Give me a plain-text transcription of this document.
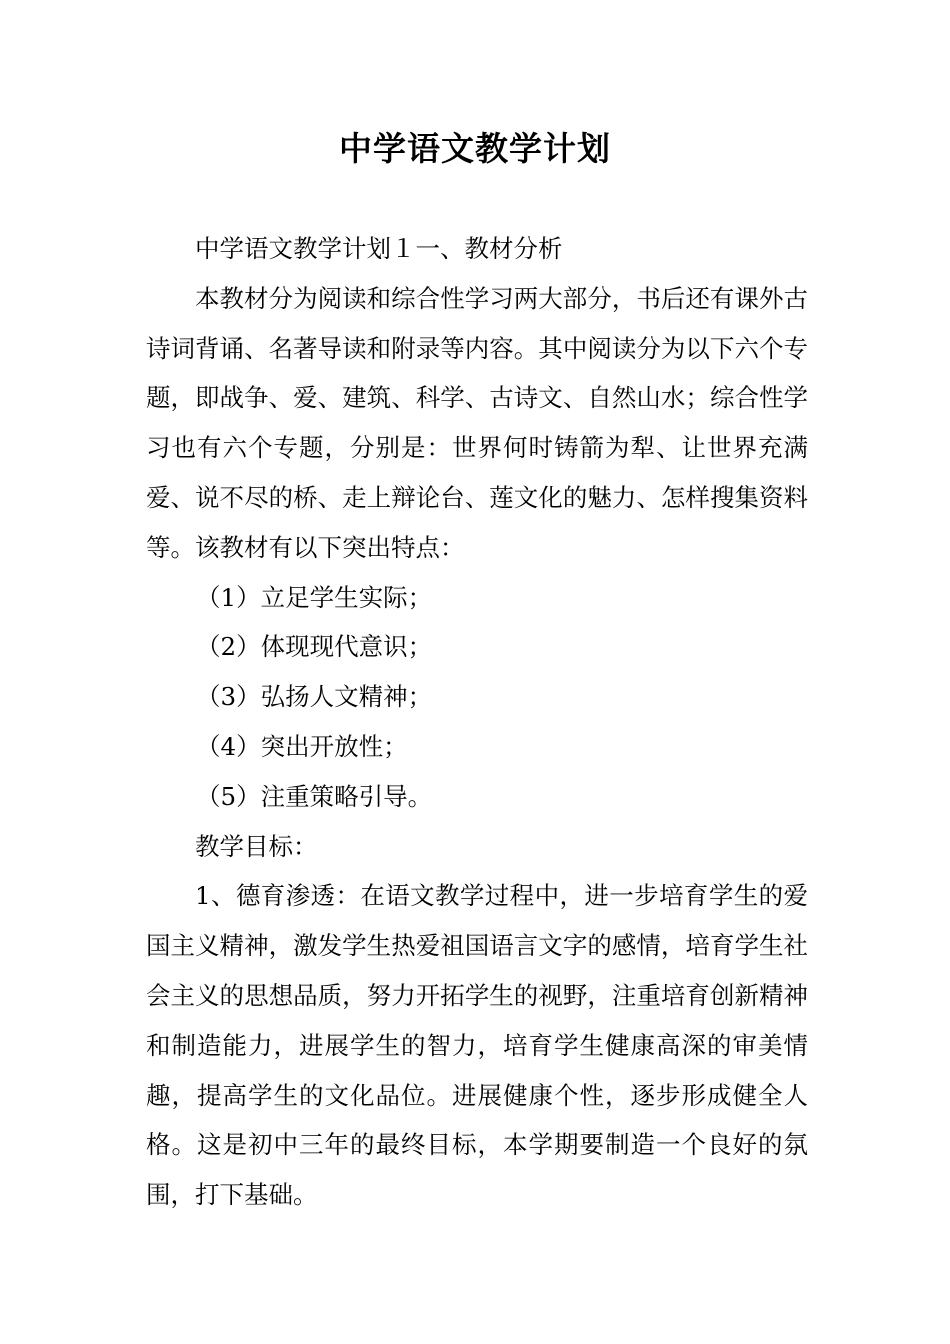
中学语文教学计划

中学语文教学计划１一、教材分析

本教材分为阅读和综合性学习两大部分，书后还有课外古诗词背诵、名著导读和附录等内容。其中阅读分为以下六个专题，即战争、爱、建筑、科学、古诗文、自然山水；综合性学习也有六个专题，分别是：世界何时铸箭为犁、让世界充满爱、说不尽的桥、走上辩论台、莲文化的魅力、怎样搜集资料等。该教材有以下突出特点：

（1）立足学生实际；

（2）体现现代意识；

（3）弘扬人文精神；

（4）突出开放性；

（5）注重策略引导。

教学目标：

1、德育渗透：在语文教学过程中，进一步培育学生的爱国主义精神，激发学生热爱祖国语言文字的感情，培育学生社会主义的思想品质，努力开拓学生的视野，注重培育创新精神和制造能力，进展学生的智力，培育学生健康高深的审美情趣，提高学生的文化品位。进展健康个性，逐步形成健全人格。这是初中三年的最终目标，本学期要制造一个良好的氛围，打下基础。
